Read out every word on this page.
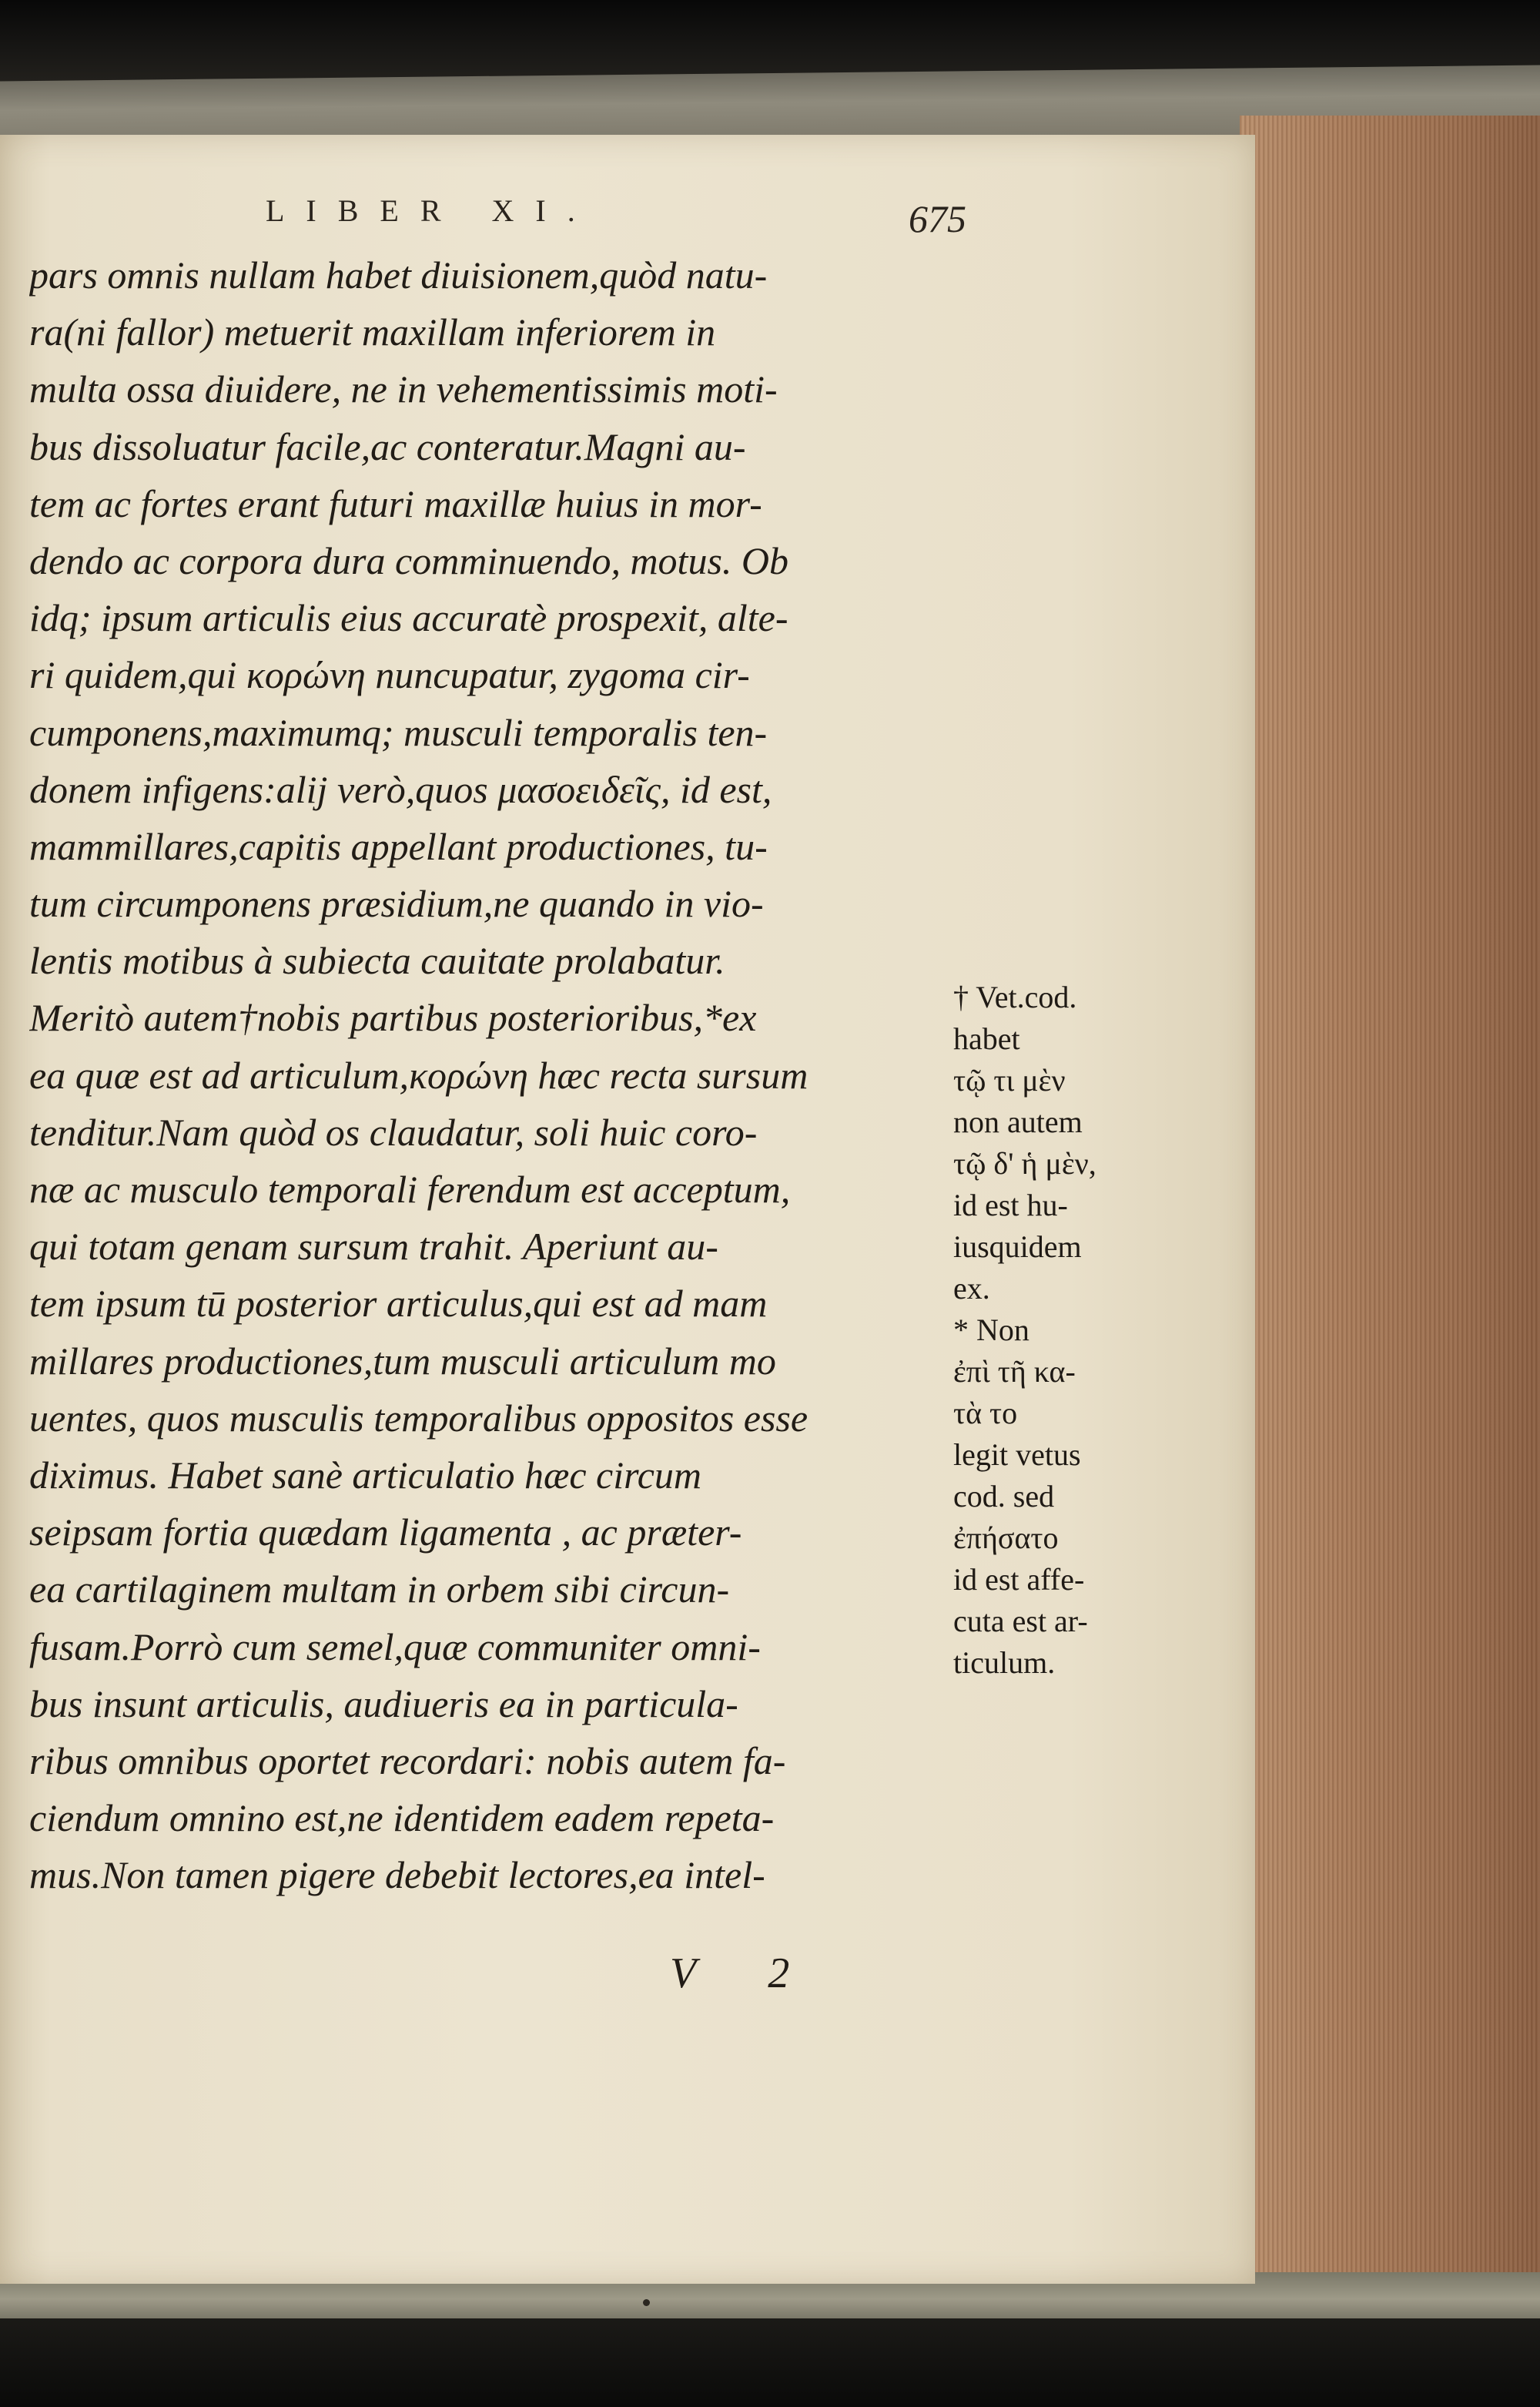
LIBER XI.	675
pars omnis nullam habet diuisionem,quòd natu-
ra(ni fallor) metuerit maxillam inferiorem in
multa ossa diuidere, ne in vehementissimis moti-
bus dissoluatur facile,ac conteratur.Magni au-
tem ac fortes erant futuri maxillæ huius in mor-
dendo ac corpora dura comminuendo, motus. Ob
idq; ipsum articulis eius accuratè prospexit, alte-
ri quidem,qui κορώνη nuncupatur, zygoma cir-
cumponens,maximumq; musculi temporalis ten-
donem infigens:alij verò,quos μασοειδεῖς, id est,
mammillares,capitis appellant productiones, tu-
tum circumponens præsidium,ne quando in vio-
lentis motibus à subiecta cauitate prolabatur.
Meritò autem†nobis partibus posterioribus,*ex
ea quæ est ad articulum,κορώνη hæc recta sursum
tenditur.Nam quòd os claudatur, soli huic coro-
næ ac musculo temporali ferendum est acceptum,
qui totam genam sursum trahit. Aperiunt au-
tem ipsum tū posterior articulus,qui est ad mam
millares productiones,tum musculi articulum mo
uentes, quos musculis temporalibus oppositos esse
diximus. Habet sanè articulatio hæc circum
seipsam fortia quædam ligamenta , ac præter-
ea cartilaginem multam in orbem sibi circun-
fusam.Porrò cum semel,quæ communiter omni-
bus insunt articulis, audiueris ea in particula-
ribus omnibus oportet recordari: nobis autem fa-
ciendum omnino est,ne identidem eadem repeta-
mus.Non tamen pigere debebit lectores,ea intel-
† Vet.cod.
habet
τῷ τι μὲν
non autem
τῷ δ' ἡ μὲν,
id est hu-
iusquidem
ex.
* Non
ἐπὶ τῆ κα-
τὰ το
legit vetus
cod. sed
ἐπήσατο
id est affe-
cuta est ar-
ticulum.
V 2
